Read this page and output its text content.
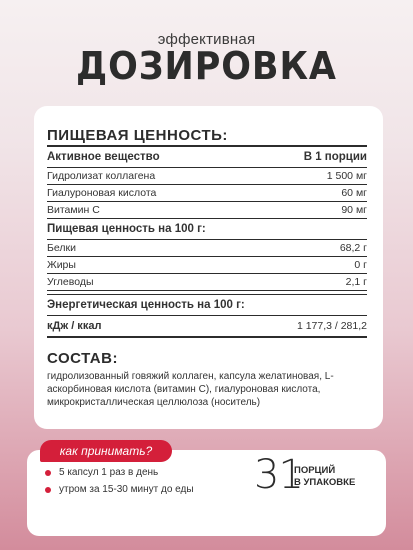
эффективная
ДОЗИРОВКА
ПИЩЕВАЯ ЦЕННОСТЬ:
Активное вещество	В 1 порции
Гидролизат коллагена	1 500 мг
Гиалуроновая кислота	60 мг
Витамин С	90 мг
Пищевая ценность на 100 г:
Белки	68,2 г
Жиры	0 г
Углеводы	2,1 г
Энергетическая ценность на 100 г:
кДж / ккал	1 177,3 / 281,2
СОСТАВ:
гидролизованный говяжий коллаген, капсула желатиновая, L-аскорбиновая кислота (витамин С), гиалуроновая кислота, микрокристаллическая целлюлоза (носитель)
как принимать?
5 капсул 1 раз в день
утром за 15-30 минут до еды 31
ПОРЦИЙ
В УПАКОВКЕ
